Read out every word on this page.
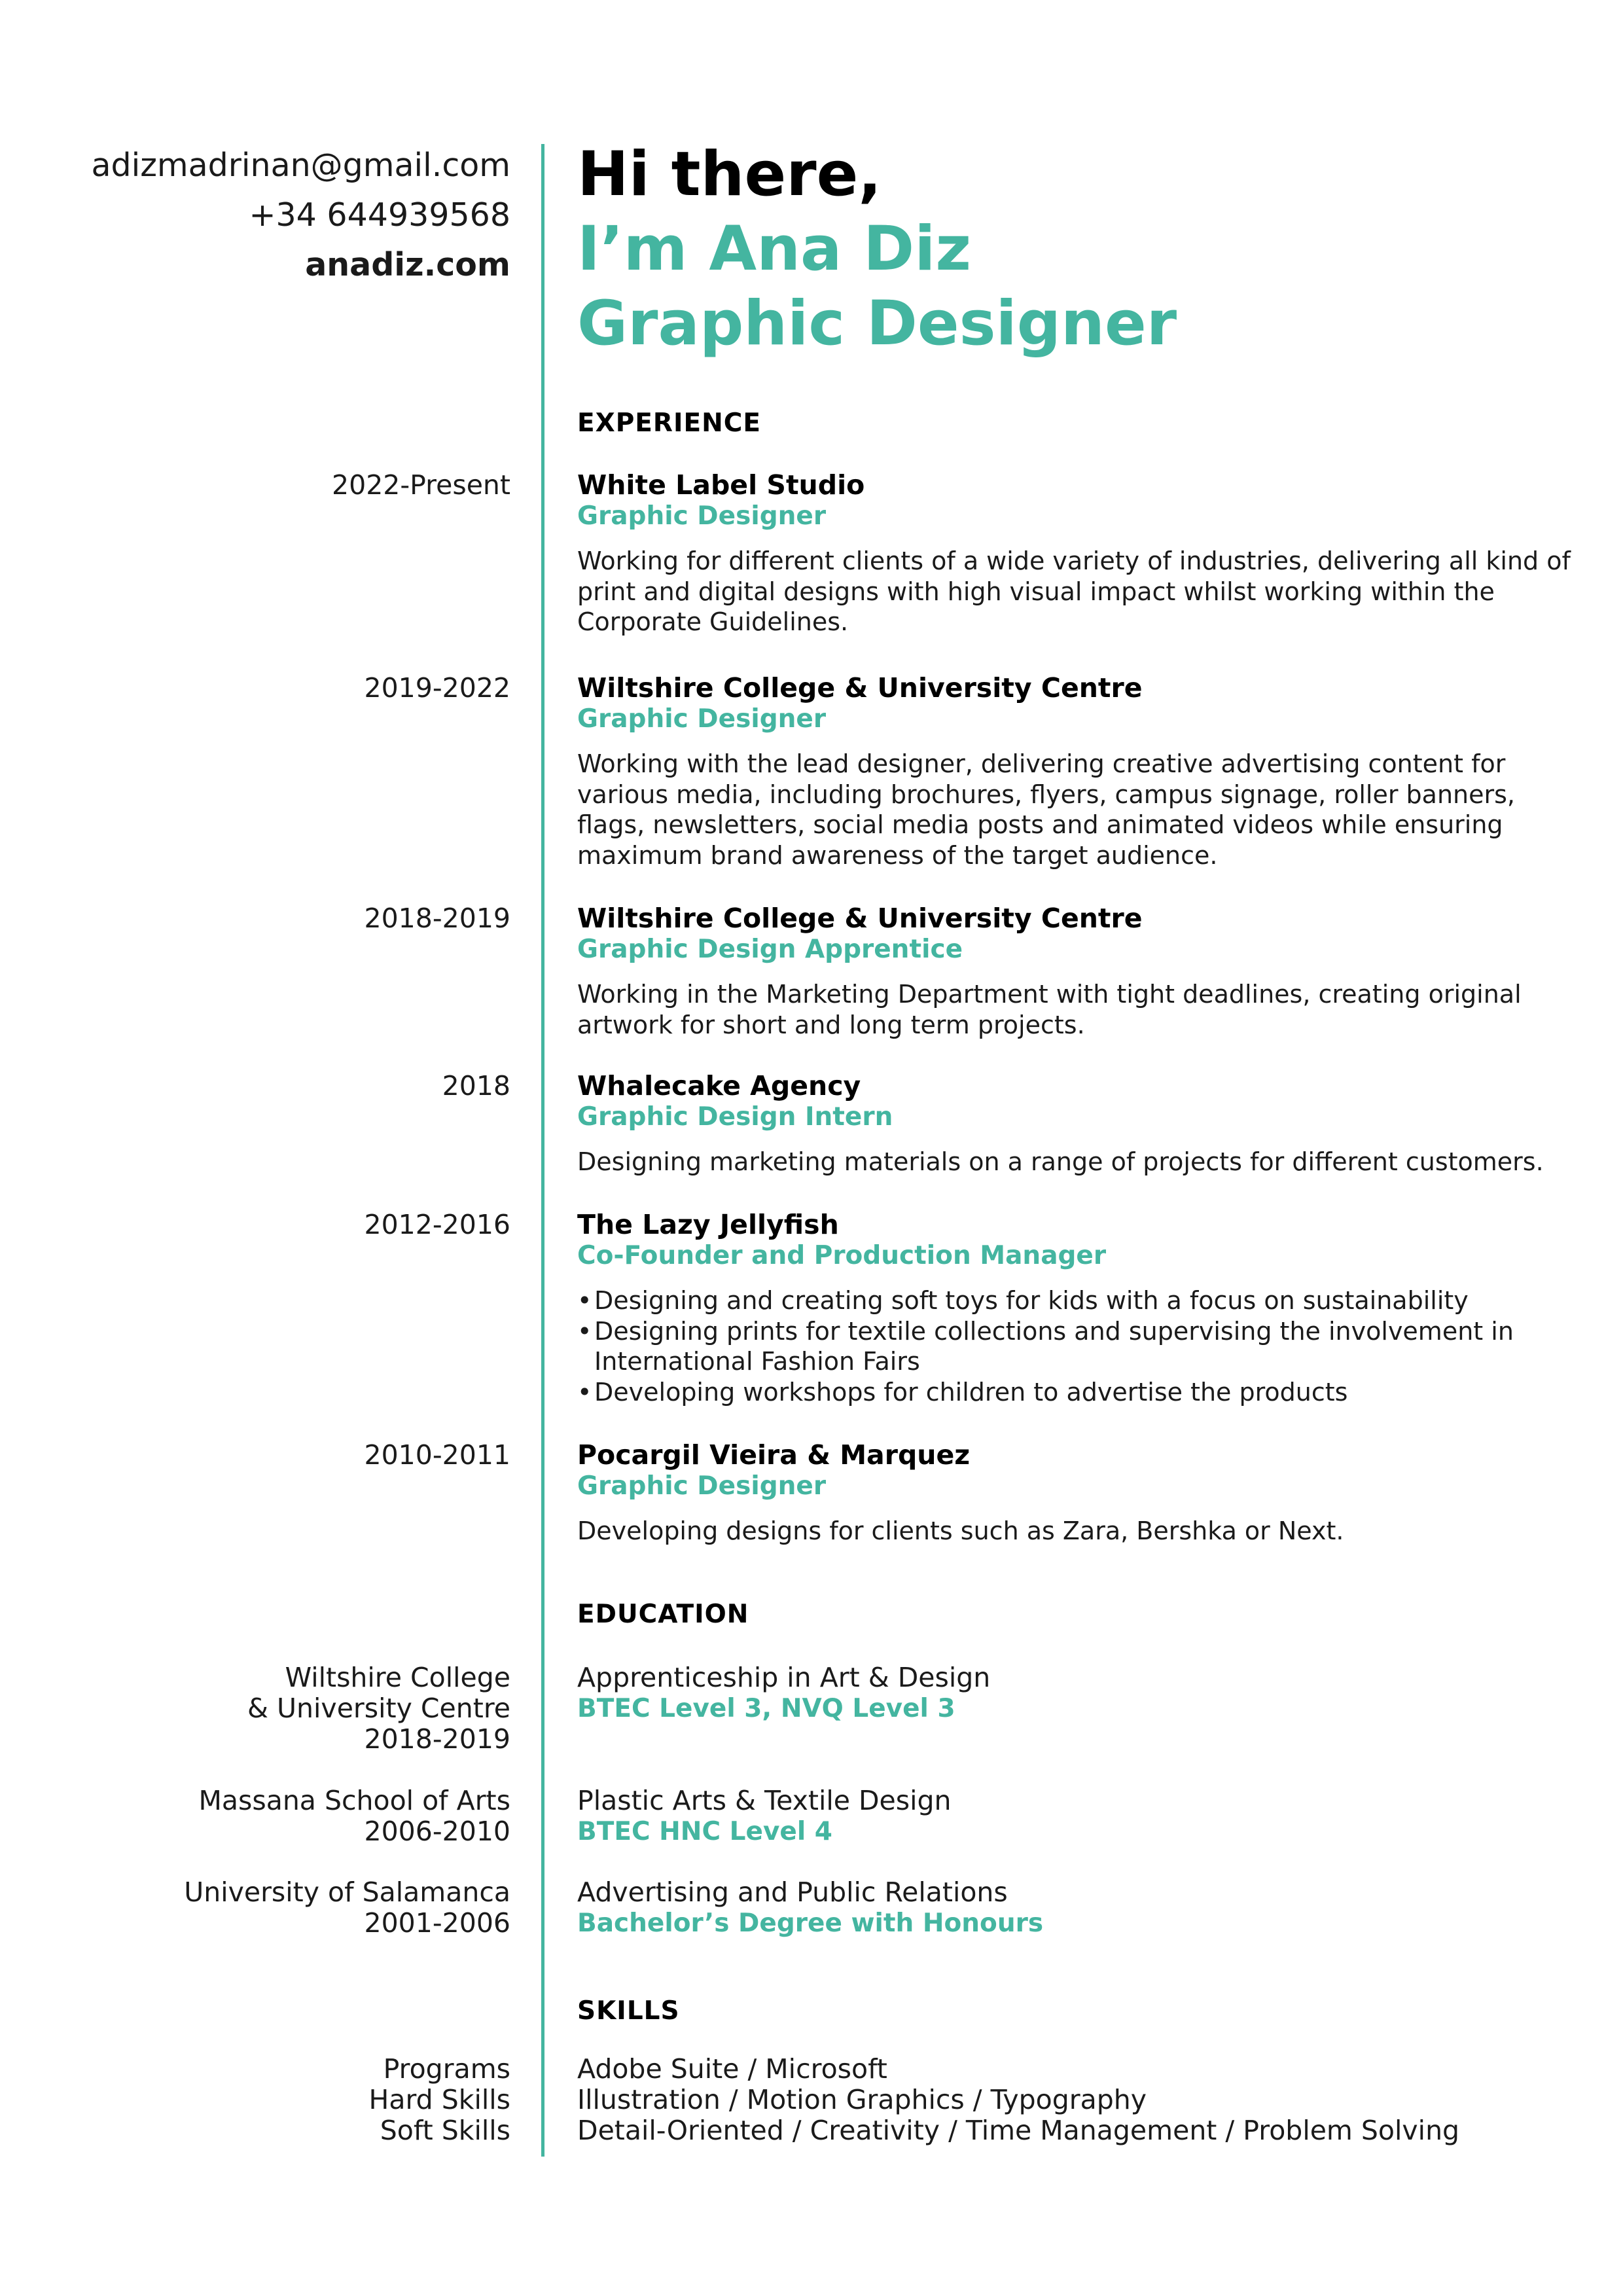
adizmadrinan@gmail.com
+34 644939568
anadiz.com
Hi there,
I’m Ana Diz
Graphic Designer
EXPERIENCE
2022-Present White Label Studio
Graphic Designer
Working for different clients of a wide variety of industries, delivering all kind of print and digital designs with high visual impact whilst working within the Corporate Guidelines.
2019-2022 Wiltshire College & University Centre
Graphic Designer
Working with the lead designer, delivering creative advertising content for various media, including brochures, flyers, campus signage, roller banners, flags, newsletters, social media posts and animated videos while ensuring maximum brand awareness of the target audience.
2018-2019 Wiltshire College & University Centre
Graphic Design Apprentice
Working in the Marketing Department with tight deadlines, creating original artwork for short and long term projects.
2018 Whalecake Agency
Graphic Design Intern
Designing marketing materials on a range of projects for different customers.
2012-2016 The Lazy Jellyfish
Co-Founder and Production Manager
• Designing and creating soft toys for kids with a focus on sustainability
• Designing prints for textile collections and supervising the involvement in International Fashion Fairs
• Developing workshops for children to advertise the products
2010-2011 Pocargil Vieira & Marquez
Graphic Designer
Developing designs for clients such as Zara, Bershka or Next.
EDUCATION
Wiltshire College
& University Centre
2018-2019
Apprenticeship in Art & Design
BTEC Level 3, NVQ Level 3
Massana School of Arts
2006-2010
Plastic Arts & Textile Design
BTEC HNC Level 4
University of Salamanca
2001-2006
Advertising and Public Relations
Bachelor’s Degree with Honours
SKILLS
Programs
Hard Skills
Soft Skills
Adobe Suite / Microsoft
Illustration / Motion Graphics / Typography
Detail-Oriented / Creativity / Time Management / Problem Solving
